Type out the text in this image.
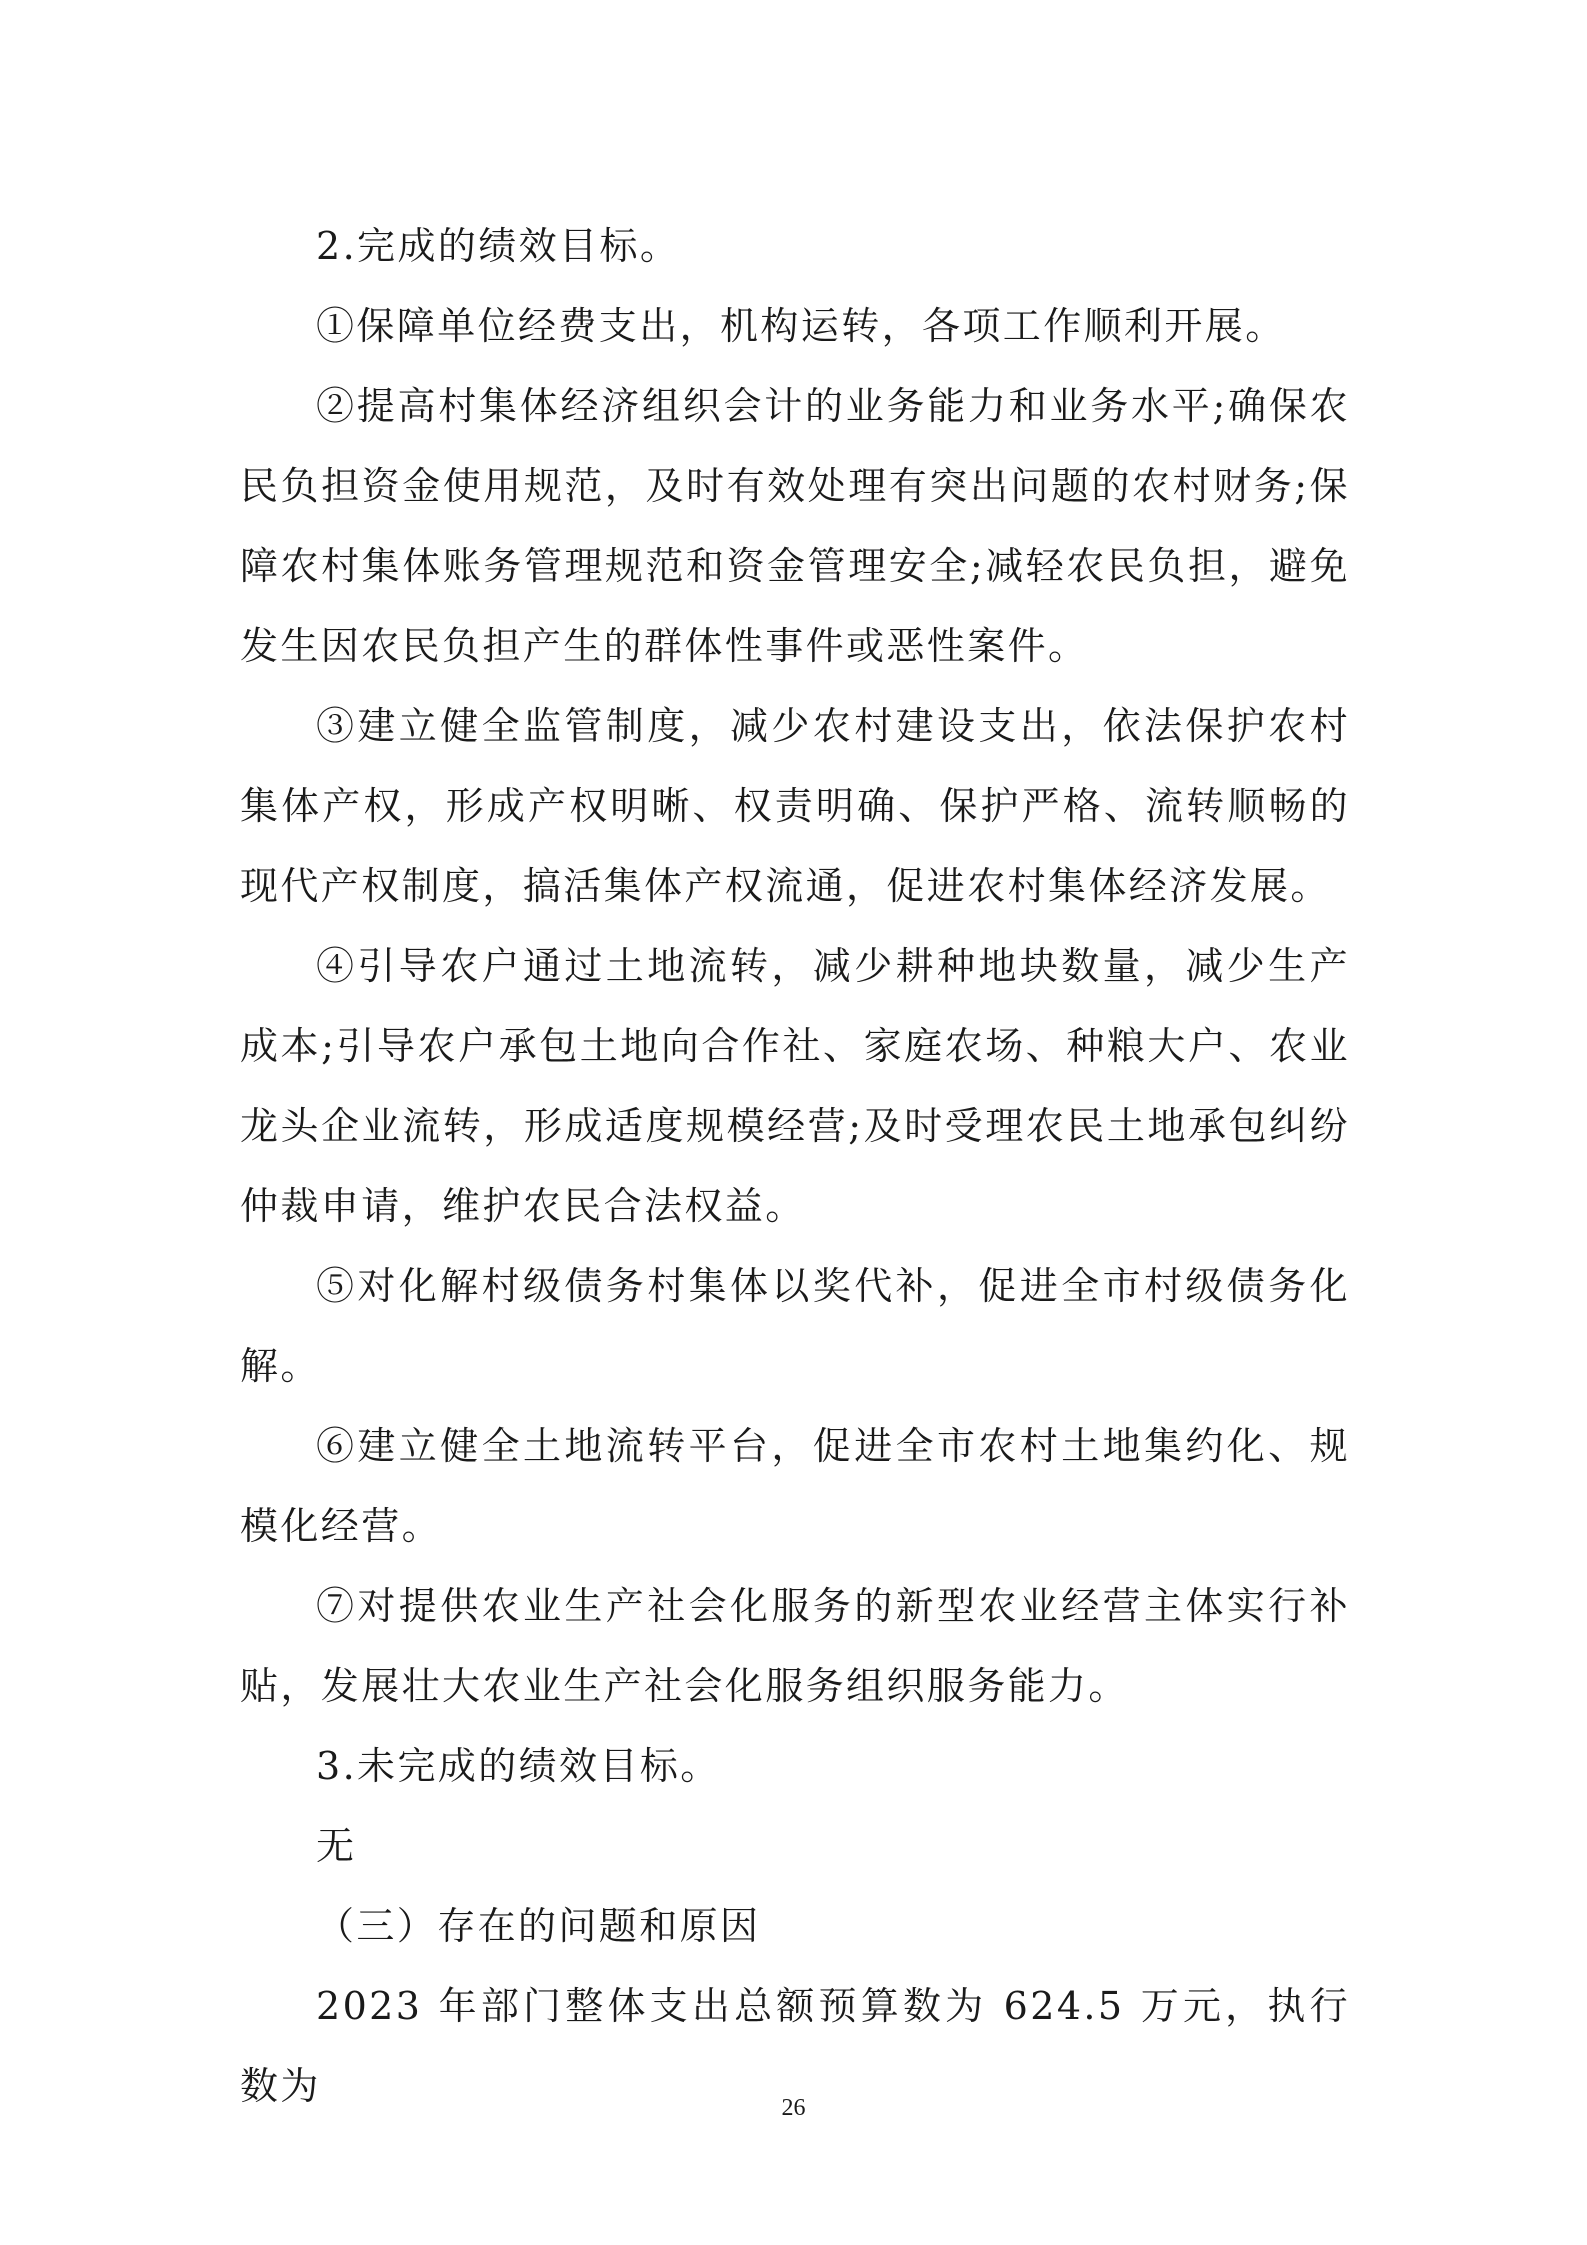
2.完成的绩效目标。

①保障单位经费支出，机构运转，各项工作顺利开展。

②提高村集体经济组织会计的业务能力和业务水平;确保农民负担资金使用规范，及时有效处理有突出问题的农村财务;保障农村集体账务管理规范和资金管理安全;减轻农民负担，避免发生因农民负担产生的群体性事件或恶性案件。

③建立健全监管制度，减少农村建设支出，依法保护农村集体产权，形成产权明晰、权责明确、保护严格、流转顺畅的现代产权制度，搞活集体产权流通，促进农村集体经济发展。

④引导农户通过土地流转，减少耕种地块数量，减少生产成本;引导农户承包土地向合作社、家庭农场、种粮大户、农业龙头企业流转，形成适度规模经营;及时受理农民土地承包纠纷仲裁申请，维护农民合法权益。

⑤对化解村级债务村集体以奖代补，促进全市村级债务化解。

⑥建立健全土地流转平台，促进全市农村土地集约化、规模化经营。

⑦对提供农业生产社会化服务的新型农业经营主体实行补贴，发展壮大农业生产社会化服务组织服务能力。

3.未完成的绩效目标。

无

（三）存在的问题和原因

2023 年部门整体支出总额预算数为 624.5 万元，执行数为	26
